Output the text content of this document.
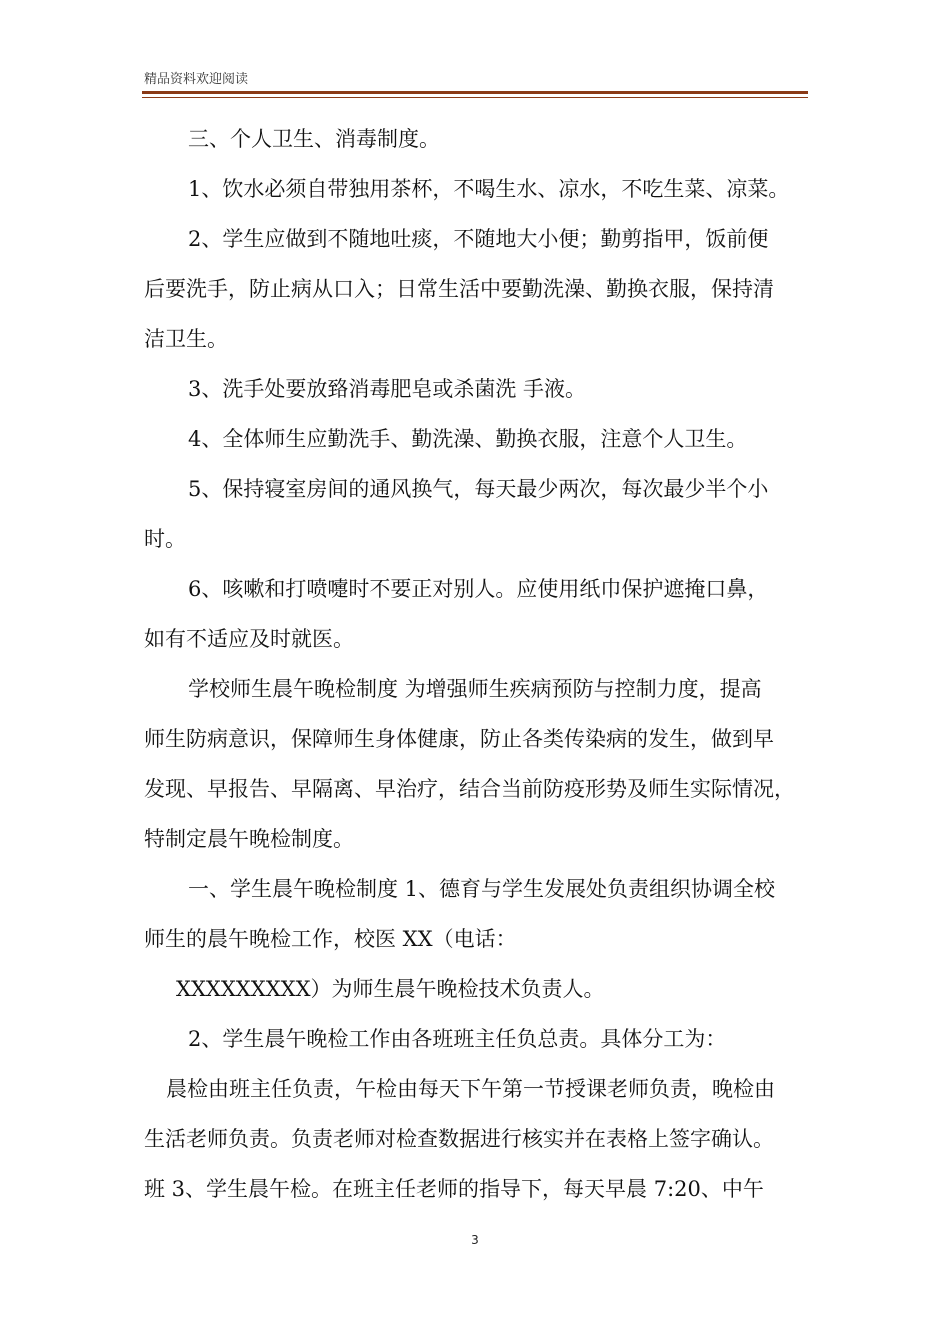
精品资料欢迎阅读
三、个人卫生、消毒制度。
1、饮水必须自带独用茶杯，不喝生水、凉水，不吃生菜、凉菜。
2、学生应做到不随地吐痰，不随地大小便；勤剪指甲，饭前便
后要洗手，防止病从口入；日常生活中要勤洗澡、勤换衣服，保持清
洁卫生。
3、洗手处要放臵消毒肥皂或杀菌洗 手液。
4、全体师生应勤洗手、勤洗澡、勤换衣服，注意个人卫生。
5、保持寝室房间的通风换气，每天最少两次，每次最少半个小
时。
6、咳嗽和打喷嚏时不要正对别人。应使用纸巾保护遮掩口鼻，
如有不适应及时就医。
学校师生晨午晚检制度 为增强师生疾病预防与控制力度，提高
师生防病意识，保障师生身体健康，防止各类传染病的发生，做到早
发现、早报告、早隔离、早治疗，结合当前防疫形势及师生实际情况，
特制定晨午晚检制度。
一、学生晨午晚检制度 1、德育与学生发展处负责组织协调全校
师生的晨午晚检工作，校医 XX（电话：
XXXXXXXXX）为师生晨午晚检技术负责人。
2、学生晨午晚检工作由各班班主任负总责。具体分工为：
晨检由班主任负责，午检由每天下午第一节授课老师负责，晚检由
生活老师负责。负责老师对检查数据进行核实并在表格上签字确认。
班 3、学生晨午检。在班主任老师的指导下，每天早晨 7:20、中午
3
